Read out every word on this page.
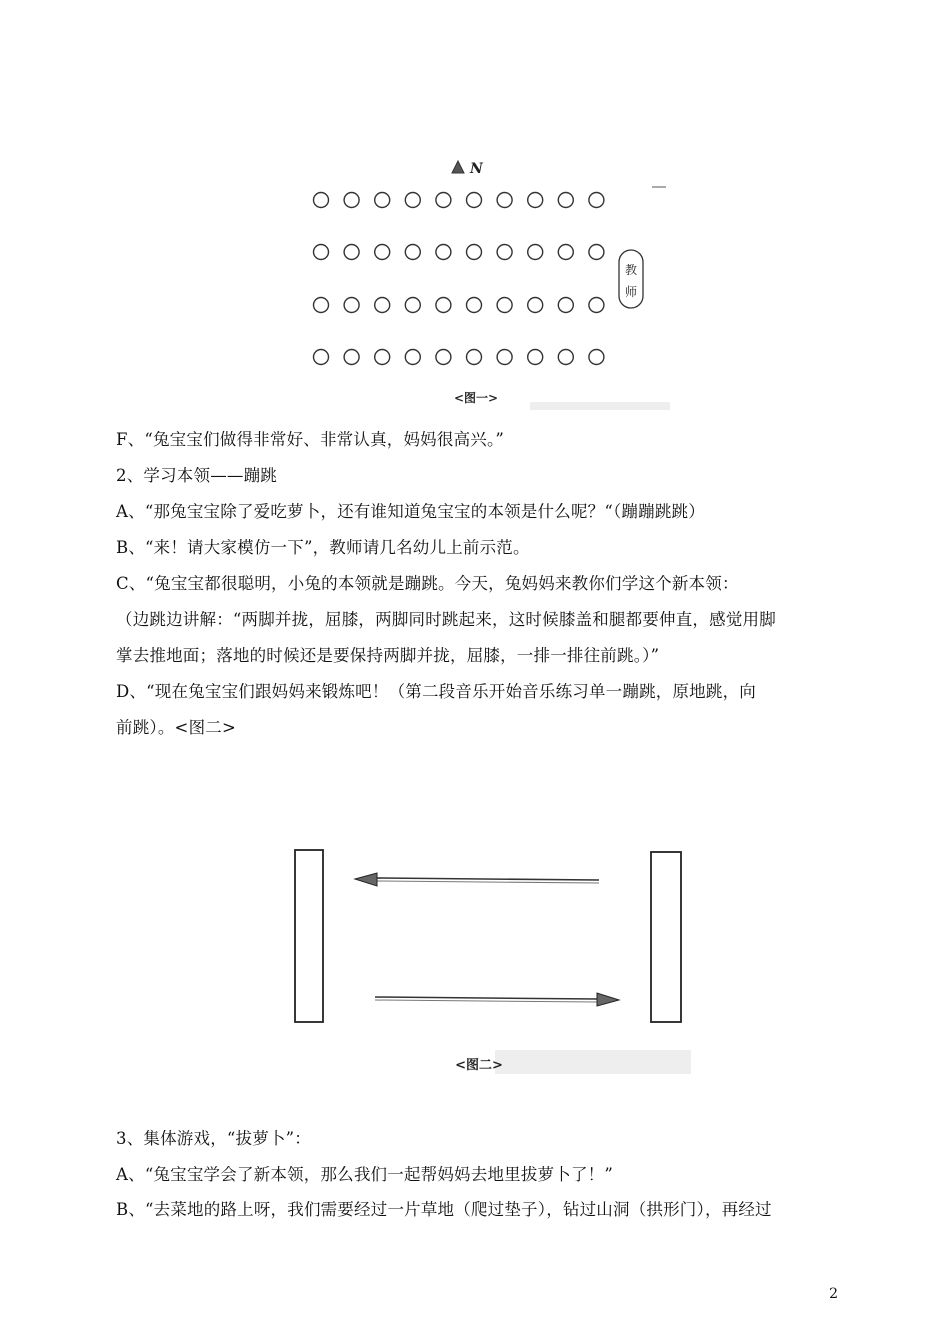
N
教
师
<图一>
F、“兔宝宝们做得非常好、非常认真，妈妈很高兴。”
2、学习本领——蹦跳
A、“那兔宝宝除了爱吃萝卜，还有谁知道兔宝宝的本领是什么呢？“（蹦蹦跳跳）
B、“来！请大家模仿一下”，教师请几名幼儿上前示范。
C、“兔宝宝都很聪明，小兔的本领就是蹦跳。今天，兔妈妈来教你们学这个新本领：
（边跳边讲解：“两脚并拢，屈膝，两脚同时跳起来，这时候膝盖和腿都要伸直，感觉用脚
掌去推地面；落地的时候还是要保持两脚并拢，屈膝，一排一排往前跳。）”
D、“现在兔宝宝们跟妈妈来锻炼吧！（第二段音乐开始音乐练习单一蹦跳，原地跳，向
前跳）。<图二>
<图二>
3、集体游戏，“拔萝卜”：
A、“兔宝宝学会了新本领，那么我们一起帮妈妈去地里拔萝卜了！”
B、“去菜地的路上呀，我们需要经过一片草地（爬过垫子），钻过山洞（拱形门），再经过
2
